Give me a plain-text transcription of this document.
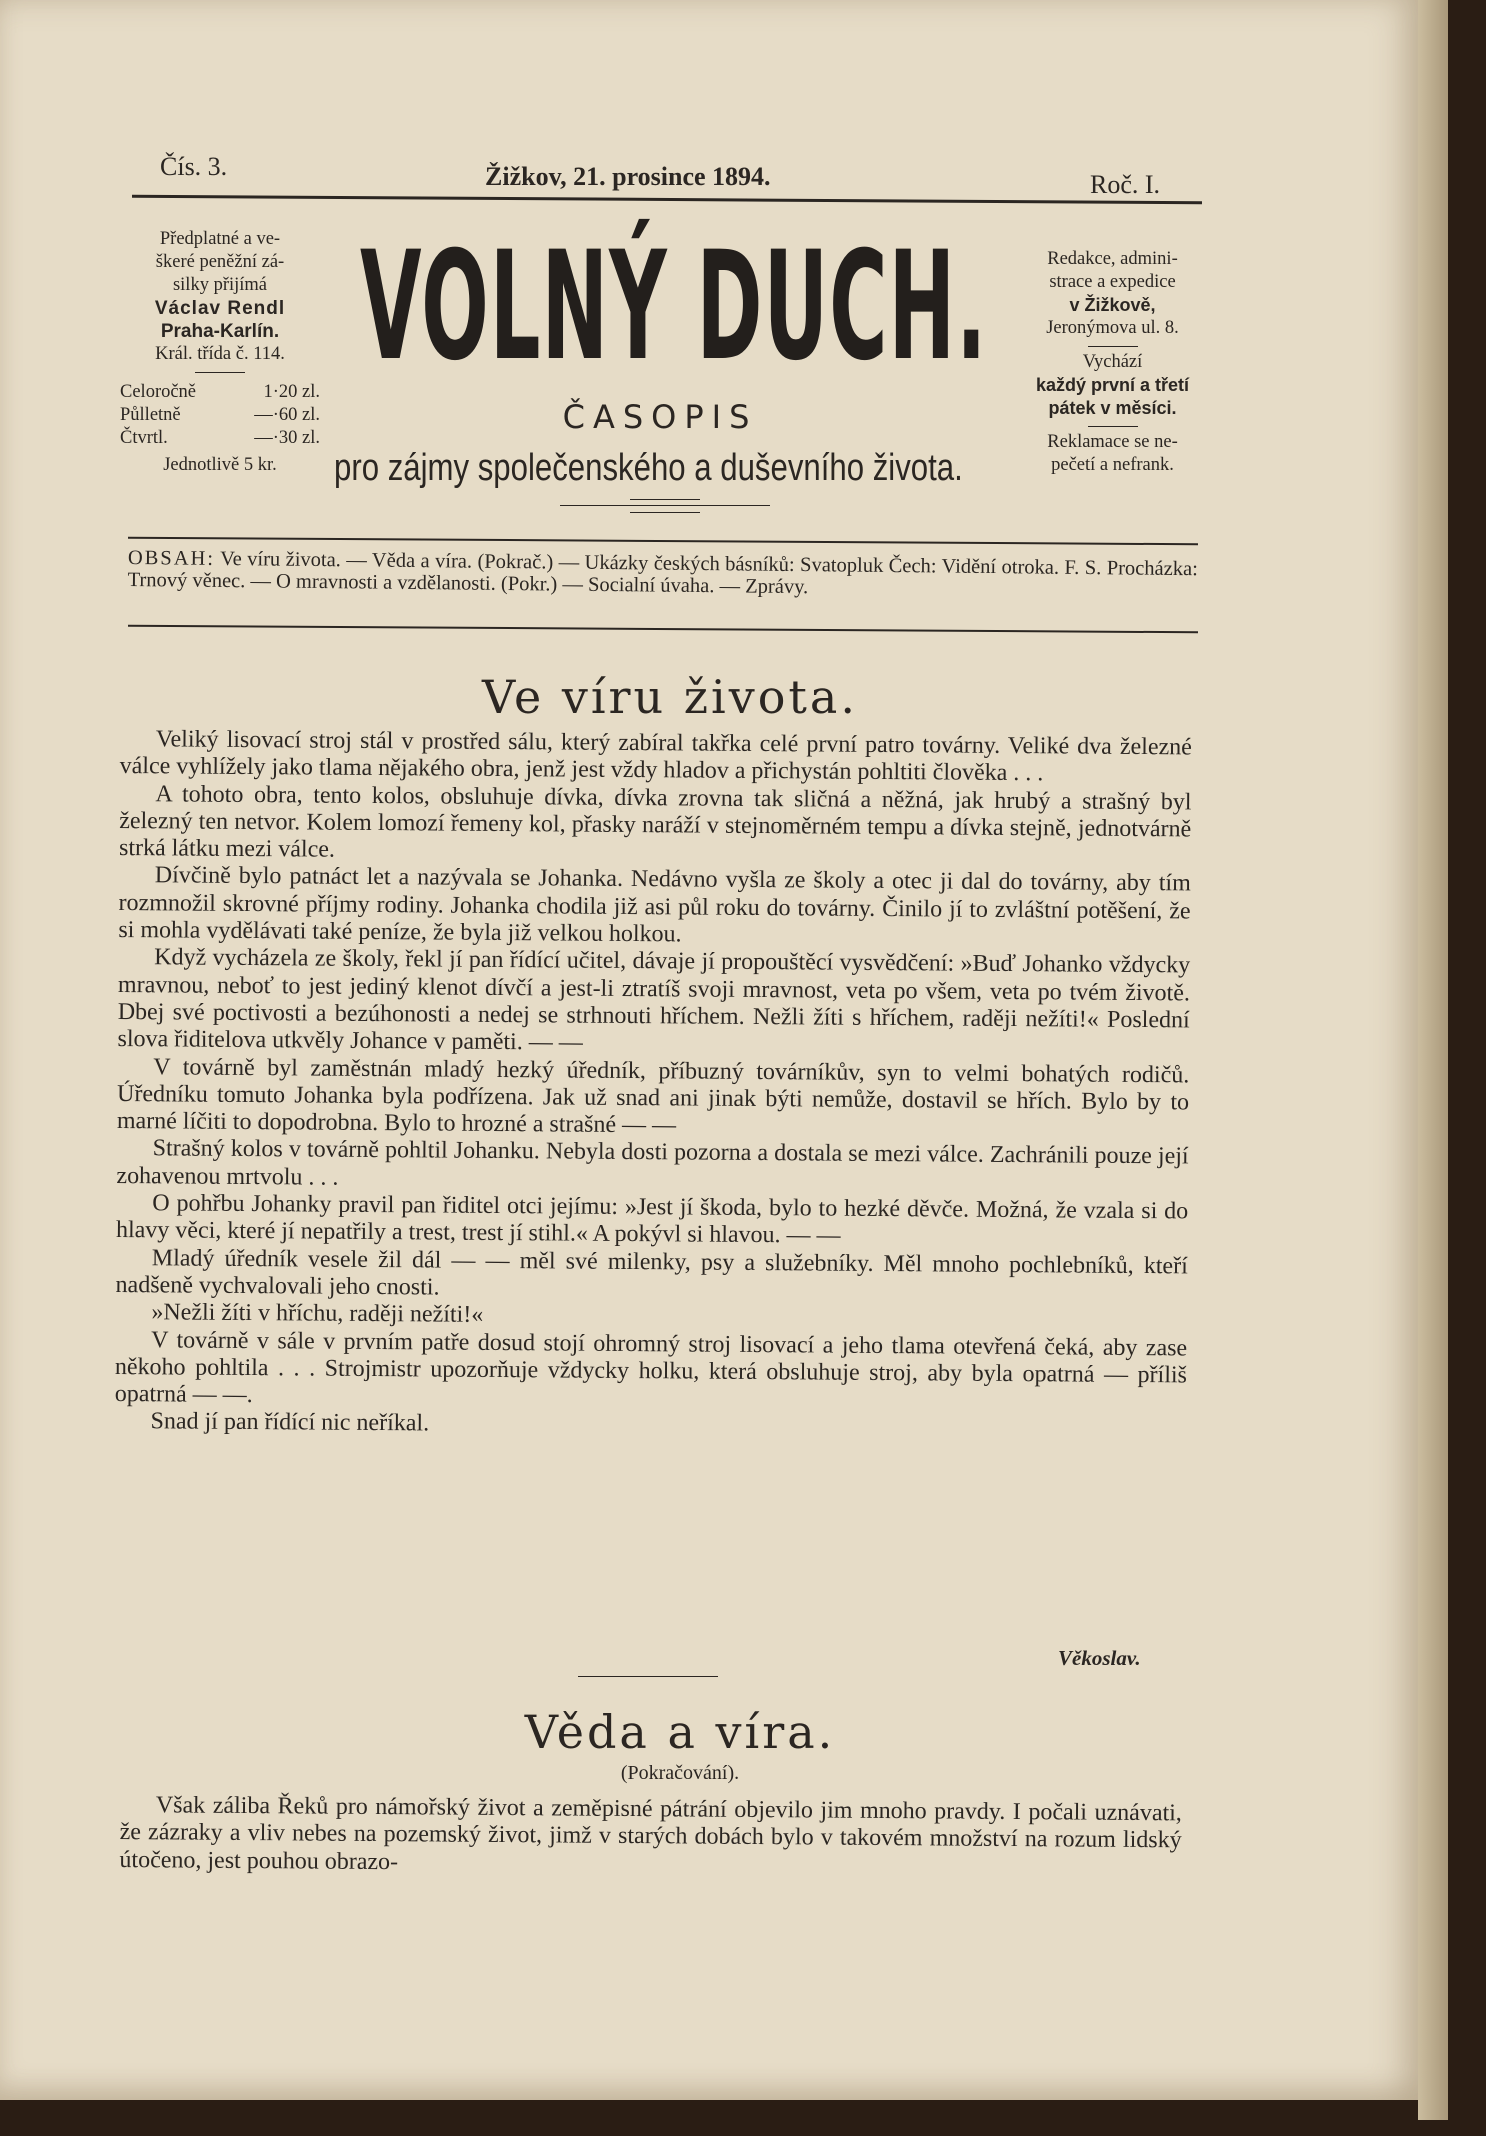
Čís. 3.	Žižkov, 21. prosince 1894.	Roč. I.
Předplatné a ve-
škeré peněžní zá-
silky přijímá
Václav Rendl
Praha-Karlín.
Král. třída č. 114.
Celoročně	1·20 zl.
Půlletně	—·60 zl.
Čtvrtl.	—·30 zl.
Jednotlivě 5 kr.
VOLNÝ DUCH.
ČASOPIS
pro zájmy společenského a duševního života.
Redakce, admini-
strace a expedice
v Žižkově,
Jeronýmova ul. 8.
Vychází
každý první a třetí
pátek v měsíci.
Reklamace se ne-
pečetí a nefrank.

OBSAH: Ve víru života. — Věda a víra. (Pokrač.) — Ukázky českých básníků: Svatopluk Čech: Vidění otroka. F. S. Procházka: Trnový věnec. — O mravnosti a vzdělanosti. (Pokr.) — Socialní úvaha. — Zprávy.

Ve víru života.

Veliký lisovací stroj stál v prostřed sálu, který zabíral takřka celé první patro továrny. Veliké dva železné válce vyhlížely jako tlama nějakého obra, jenž jest vždy hladov a přichystán pohltiti člověka . . .

A tohoto obra, tento kolos, obsluhuje dívka, dívka zrovna tak sličná a něžná, jak hrubý a strašný byl železný ten netvor. Kolem lomozí řemeny kol, přasky naráží v stejnoměrném tempu a dívka stejně, jednotvárně strká látku mezi válce.

Dívčině bylo patnáct let a nazývala se Johanka. Nedávno vyšla ze školy a otec ji dal do továrny, aby tím rozmnožil skrovné příjmy rodiny. Johanka chodila již asi půl roku do továrny. Činilo jí to zvláštní potěšení, že si mohla vydělávati také peníze, že byla již velkou holkou.

Když vycházela ze školy, řekl jí pan řídící učitel, dávaje jí propouštěcí vysvědčení: »Buď Johanko vždycky mravnou, neboť to jest jediný klenot dívčí a jest-li ztratíš svoji mravnost, veta po všem, veta po tvém životě. Dbej své poctivosti a bezúhonosti a nedej se strhnouti hříchem. Nežli žíti s hříchem, raději nežíti!« Poslední slova řiditelova utkvěly Johance v paměti. — —

V továrně byl zaměstnán mladý hezký úředník, příbuzný továrníkův, syn to velmi bohatých rodičů. Úředníku tomuto Johanka byla podřízena. Jak už snad ani jinak býti nemůže, dostavil se hřích. Bylo by to marné líčiti to dopodrobna. Bylo to hrozné a strašné — —

Strašný kolos v továrně pohltil Johanku. Nebyla dosti pozorna a dostala se mezi válce. Zachránili pouze její zohavenou mrtvolu . . .

O pohřbu Johanky pravil pan řiditel otci jejímu: »Jest jí škoda, bylo to hezké děvče. Možná, že vzala si do hlavy věci, které jí nepatřily a trest, trest jí stihl.« A pokývl si hlavou. — —

Mladý úředník vesele žil dál — — měl své milenky, psy a služebníky. Měl mnoho pochlebníků, kteří nadšeně vychvalovali jeho cnosti.

»Nežli žíti v hříchu, raději nežíti!«

V továrně v sále v prvním patře dosud stojí ohromný stroj lisovací a jeho tlama otevřená čeká, aby zase někoho pohltila . . . Strojmistr upozorňuje vždycky holku, která obsluhuje stroj, aby byla opatrná — příliš opatrná — —.

Snad jí pan řídící nic neříkal.

Věkoslav.
Věda a víra.
(Pokračování).

Však záliba Řeků pro námořský život a zeměpisné pátrání objevilo jim mnoho pravdy. I počali uznávati, že zázraky a vliv nebes na pozemský život, jimž v starých dobách bylo v takovém množství na rozum lidský útočeno, jest pouhou obrazo-
